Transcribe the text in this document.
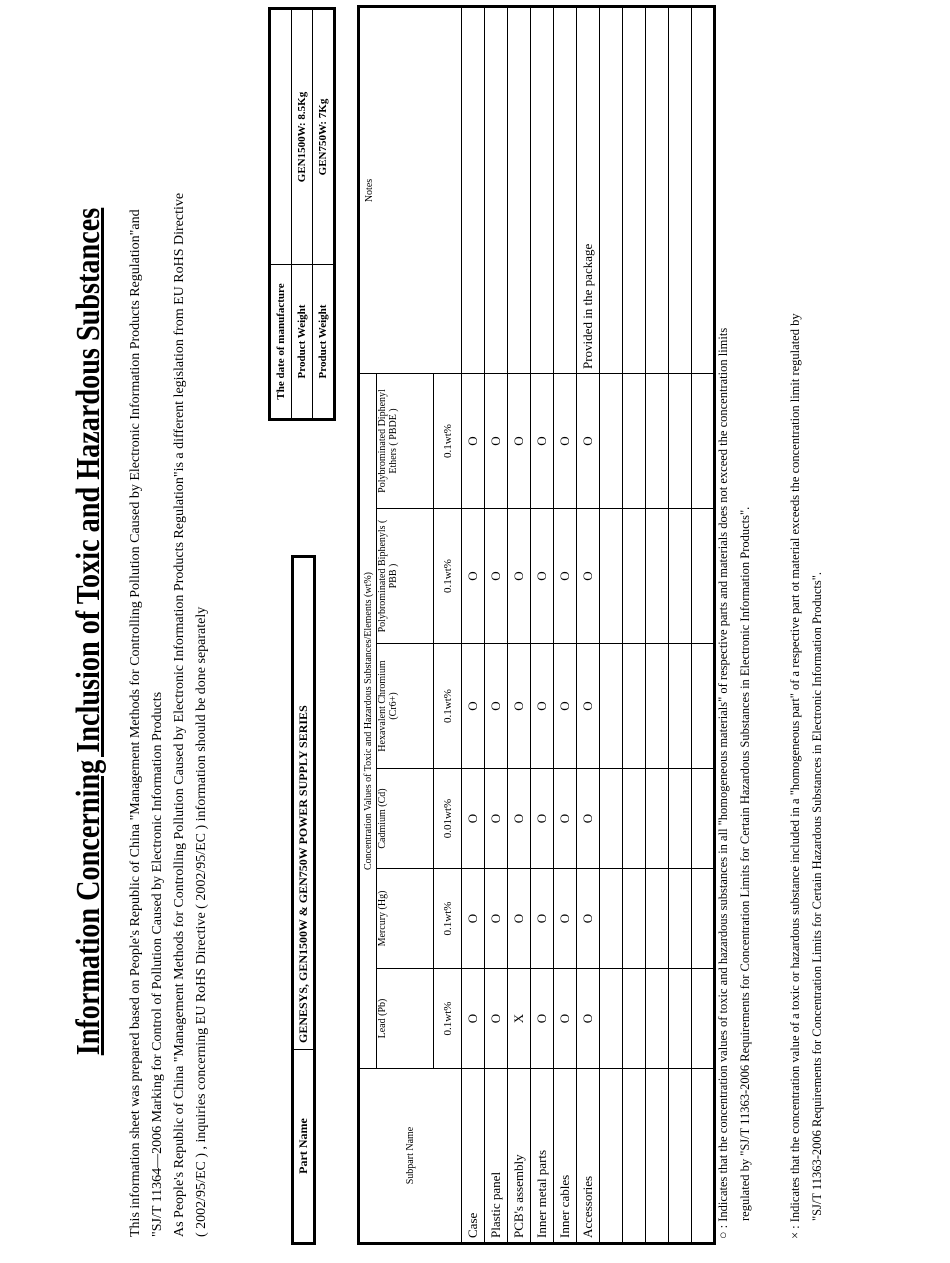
Information Concerning Inclusion of Toxic and Hazardous Substances This information sheet was prepared based on People's Republic of China "Management Methods for Controlling Pollution Caused by Electronic Information Products Regulation"and "SJ/T 11364—2006 Marking for Control of Pollution Caused by Electronic Information Products As People's Republic of China "Management Methods for Controlling Pollution Caused by Electronic Information Products Regulation"is a different legislation from EU RoHS Directive ( 2002/95/EC ) , inquiries concerning EU RoHS Directive ( 2002/95/EC ) information should be done separately	Part Name	GENESYS, GEN1500W & GEN750W POWER SUPPLY SERIES
The date of manufacture	
Product Weight	GEN1500W: 8.5Kg
Product Weight	GEN750W: 7Kg
Subpart Name	Concentration Values of Toxic and Hazardous Substances/Elements (wt%)						Notes
	Lead (Pb)	Mercury (Hg)	Cadmium (Cd)	Hexavalent Chromium (Cr6+)	Polybrominated Biphenyls ( PBB )	Polybrominated Diphenyl Ethers ( PBDE )	
	0.1wt%	0.1wt%	0.01wt%	0.1wt%	0.1wt%	0.1wt%	
Case	O	O	O	O	O	O	
Plastic panel	O	O	O	O	O	O	
PCB's assembly	X	O	O	O	O	O	
Inner metal parts	O	O	O	O	O	O	
Inner cables	O	O	O	O	O	O	
Accessories	O	O	O	O	O	O	Provided in the package

○ : Indicates that the concentration values of toxic and hazardous substances in all "homogeneous materials" of respective parts and materials does not exceed the concentration limits regulated by "SJ/T 11363-2006 Requirements for Concentration Limits for Certain Hazardous Substances in Electronic Information Products".	× : Indicates that the concentration value of a toxic or hazardous substance included in a "homogeneous part" of a respective part ot material exceeds the concentration limit regulated by "SJ/T 11363-2006 Requirements for Concentration Limits for Certain Hazardous Substances in Electronic Information Products".
